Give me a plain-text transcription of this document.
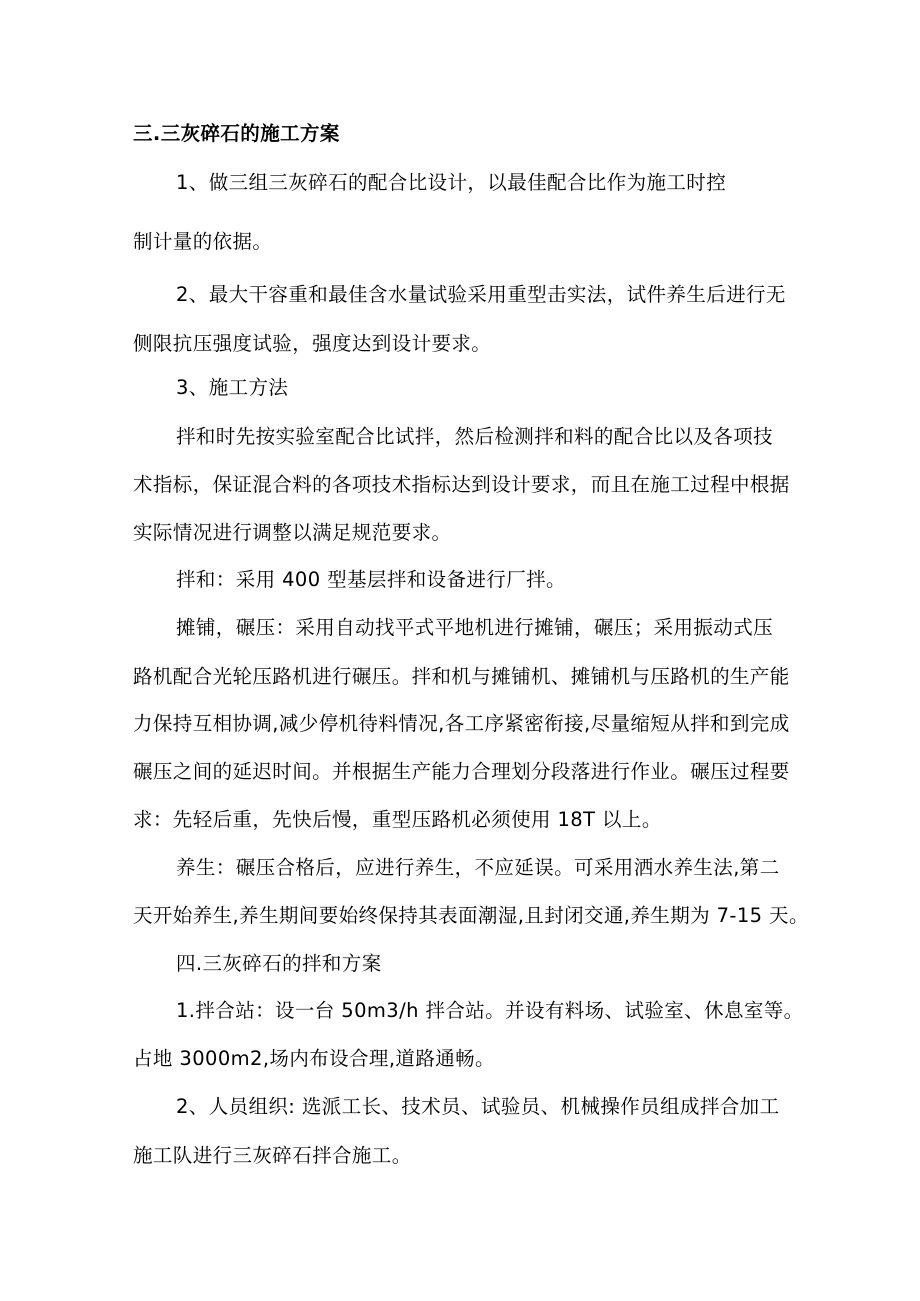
三.三灰碎石的施工方案
1、做三组三灰碎石的配合比设计，以最佳配合比作为施工时控
制计量的依据。
2、最大干容重和最佳含水量试验采用重型击实法，试件养生后进行无
侧限抗压强度试验，强度达到设计要求。
3、施工方法
拌和时先按实验室配合比试拌，然后检测拌和料的配合比以及各项技
术指标，保证混合料的各项技术指标达到设计要求，而且在施工过程中根据
实际情况进行调整以满足规范要求。
拌和：采用 400 型基层拌和设备进行厂拌。
摊铺，碾压：采用自动找平式平地机进行摊铺，碾压；采用振动式压
路机配合光轮压路机进行碾压。拌和机与摊铺机、摊铺机与压路机的生产能
力保持互相协调,减少停机待料情况,各工序紧密衔接,尽量缩短从拌和到完成
碾压之间的延迟时间。并根据生产能力合理划分段落进行作业。碾压过程要
求：先轻后重，先快后慢，重型压路机必须使用 18T 以上。
养生：碾压合格后，应进行养生，不应延误。可采用洒水养生法,第二
天开始养生,养生期间要始终保持其表面潮湿,且封闭交通,养生期为 7-15 天。
四.三灰碎石的拌和方案
1.拌合站：设一台 50m3/h 拌合站。并设有料场、试验室、休息室等。
占地 3000m2,场内布设合理,道路通畅。
2、人员组织: 选派工长、技术员、试验员、机械操作员组成拌合加工
施工队进行三灰碎石拌合施工。
